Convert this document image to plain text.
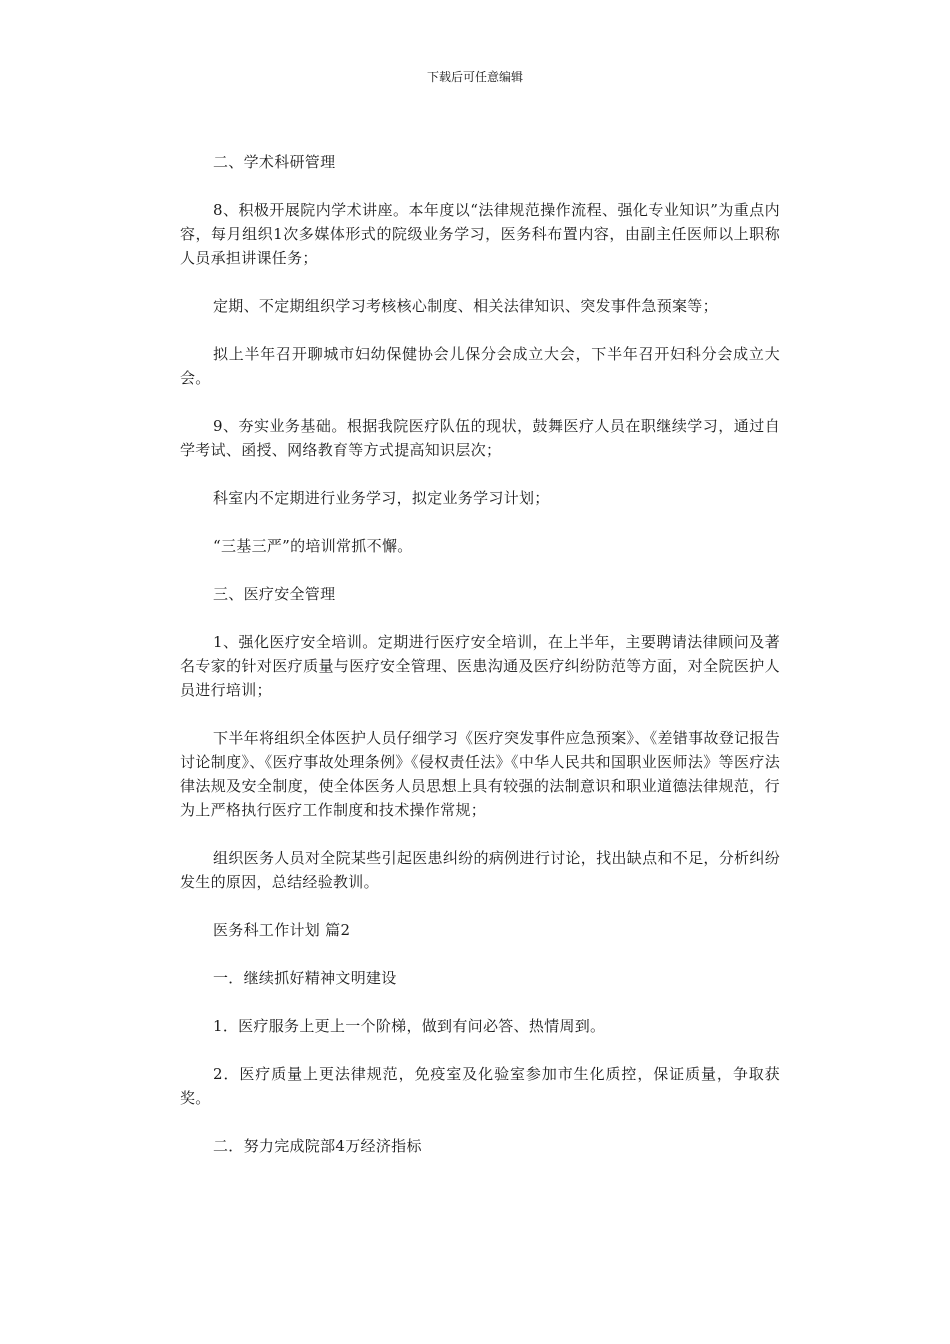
下载后可任意编辑

二、学术科研管理

8、积极开展院内学术讲座。本年度以“法律规范操作流程、强化专业知识”为重点内容，每月组织1次多媒体形式的院级业务学习，医务科布置内容，由副主任医师以上职称人员承担讲课任务；

定期、不定期组织学习考核核心制度、相关法律知识、突发事件急预案等；

拟上半年召开聊城市妇幼保健协会儿保分会成立大会，下半年召开妇科分会成立大会。

9、夯实业务基础。根据我院医疗队伍的现状，鼓舞医疗人员在职继续学习，通过自学考试、函授、网络教育等方式提高知识层次；

科室内不定期进行业务学习，拟定业务学习计划；

“三基三严”的培训常抓不懈。

三、医疗安全管理

1、强化医疗安全培训。定期进行医疗安全培训，在上半年，主要聘请法律顾问及著名专家的针对医疗质量与医疗安全管理、医患沟通及医疗纠纷防范等方面，对全院医护人员进行培训；

下半年将组织全体医护人员仔细学习《医疗突发事件应急预案》、《差错事故登记报告讨论制度》、《医疗事故处理条例》《侵权责任法》《中华人民共和国职业医师法》等医疗法律法规及安全制度，使全体医务人员思想上具有较强的法制意识和职业道德法律规范，行为上严格执行医疗工作制度和技术操作常规；

组织医务人员对全院某些引起医患纠纷的病例进行讨论，找出缺点和不足，分析纠纷发生的原因，总结经验教训。

医务科工作计划 篇2

一．继续抓好精神文明建设

1．医疗服务上更上一个阶梯，做到有问必答、热情周到。

2．医疗质量上更法律规范，免疫室及化验室参加市生化质控，保证质量，争取获奖。

二．努力完成院部4万经济指标
